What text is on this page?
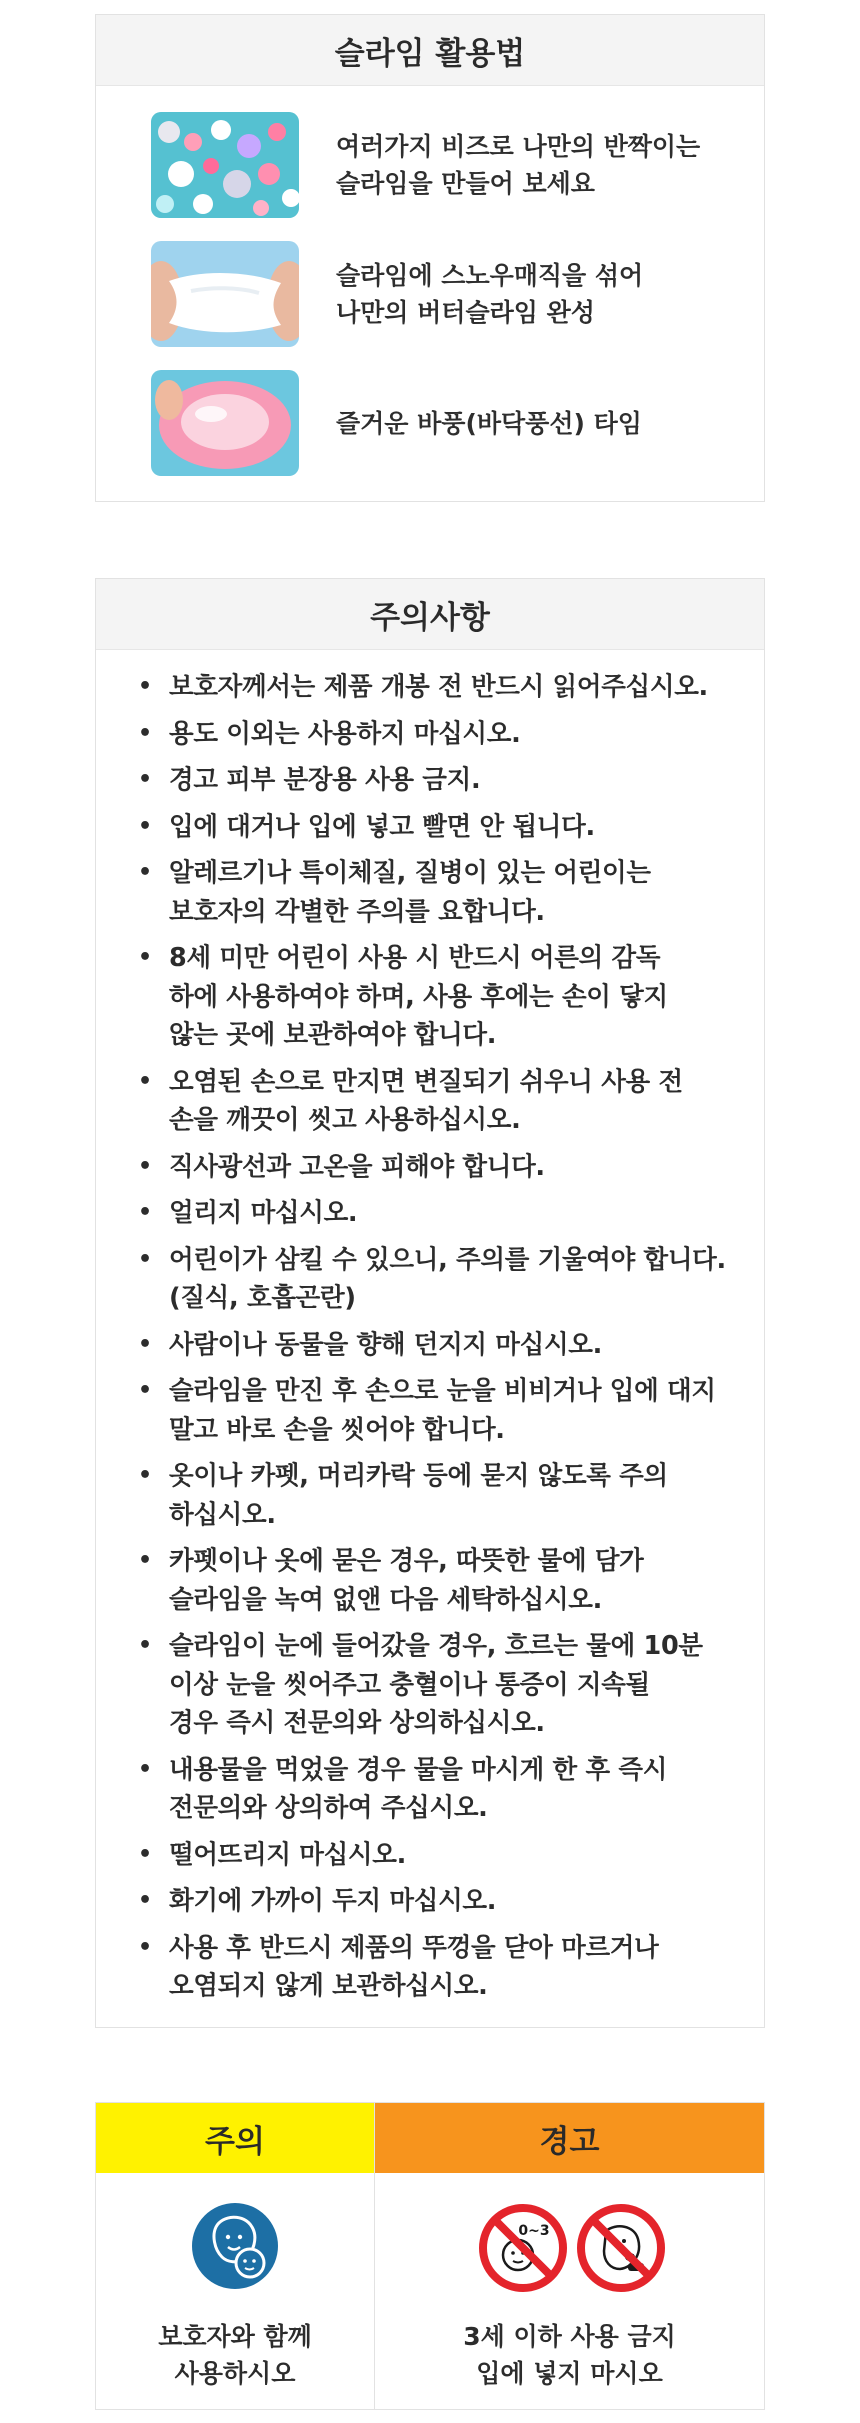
슬라임 활용법
여러가지 비즈로 나만의 반짝이는
슬라임을 만들어 보세요
슬라임에 스노우매직을 섞어
나만의 버터슬라임 완성
즐거운 바풍(바닥풍선) 타임
주의사항
• 보호자께서는 제품 개봉 전 반드시 읽어주십시오.
• 용도 이외는 사용하지 마십시오.
• 경고 피부 분장용 사용 금지.
• 입에 대거나 입에 넣고 빨면 안 됩니다.
• 알레르기나 특이체질, 질병이 있는 어린이는
보호자의 각별한 주의를 요합니다.
• 8세 미만 어린이 사용 시 반드시 어른의 감독
하에 사용하여야 하며, 사용 후에는 손이 닿지
않는 곳에 보관하여야 합니다.
• 오염된 손으로 만지면 변질되기 쉬우니 사용 전
손을 깨끗이 씻고 사용하십시오.
• 직사광선과 고온을 피해야 합니다.
• 얼리지 마십시오.
• 어린이가 삼킬 수 있으니, 주의를 기울여야 합니다.
(질식, 호흡곤란)
• 사람이나 동물을 향해 던지지 마십시오.
• 슬라임을 만진 후 손으로 눈을 비비거나 입에 대지
말고 바로 손을 씻어야 합니다.
• 옷이나 카펫, 머리카락 등에 묻지 않도록 주의
하십시오.
• 카펫이나 옷에 묻은 경우, 따뜻한 물에 담가
슬라임을 녹여 없앤 다음 세탁하십시오.
• 슬라임이 눈에 들어갔을 경우, 흐르는 물에 10분
이상 눈을 씻어주고 충혈이나 통증이 지속될
경우 즉시 전문의와 상의하십시오.
• 내용물을 먹었을 경우 물을 마시게 한 후 즉시
전문의와 상의하여 주십시오.
• 떨어뜨리지 마십시오.
• 화기에 가까이 두지 마십시오.
• 사용 후 반드시 제품의 뚜껑을 닫아 마르거나
오염되지 않게 보관하십시오.
주의
보호자와 함께
사용하시오
경고
0~3
3세 이하 사용 금지
입에 넣지 마시오
